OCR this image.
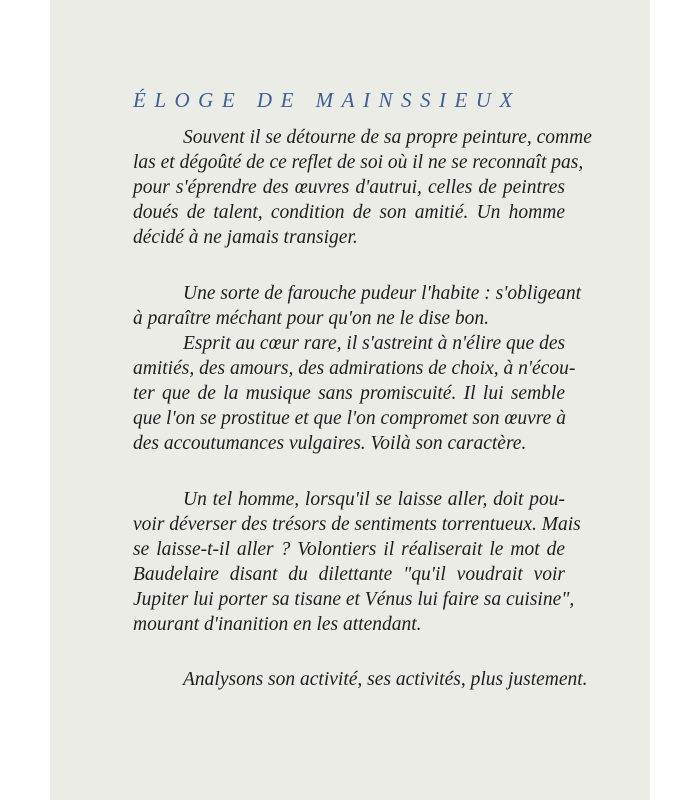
ÉLOGE DE MAINSSIEUX
Souvent il se détourne de sa propre peinture, comme
las et dégoûté de ce reflet de soi où il ne se reconnaît pas,
pour s'éprendre des œuvres d'autrui, celles de peintres
doués de talent, condition de son amitié. Un homme
décidé à ne jamais transiger.
Une sorte de farouche pudeur l'habite : s'obligeant
à paraître méchant pour qu'on ne le dise bon.
Esprit au cœur rare, il s'astreint à n'élire que des
amitiés, des amours, des admirations de choix, à n'écou-
ter que de la musique sans promiscuité. Il lui semble
que l'on se prostitue et que l'on compromet son œuvre à
des accoutumances vulgaires. Voilà son caractère.
Un tel homme, lorsqu'il se laisse aller, doit pou-
voir déverser des trésors de sentiments torrentueux. Mais
se laisse-t-il aller ? Volontiers il réaliserait le mot de
Baudelaire disant du dilettante "qu'il voudrait voir
Jupiter lui porter sa tisane et Vénus lui faire sa cuisine",
mourant d'inanition en les attendant.
Analysons son activité, ses activités, plus justement.
